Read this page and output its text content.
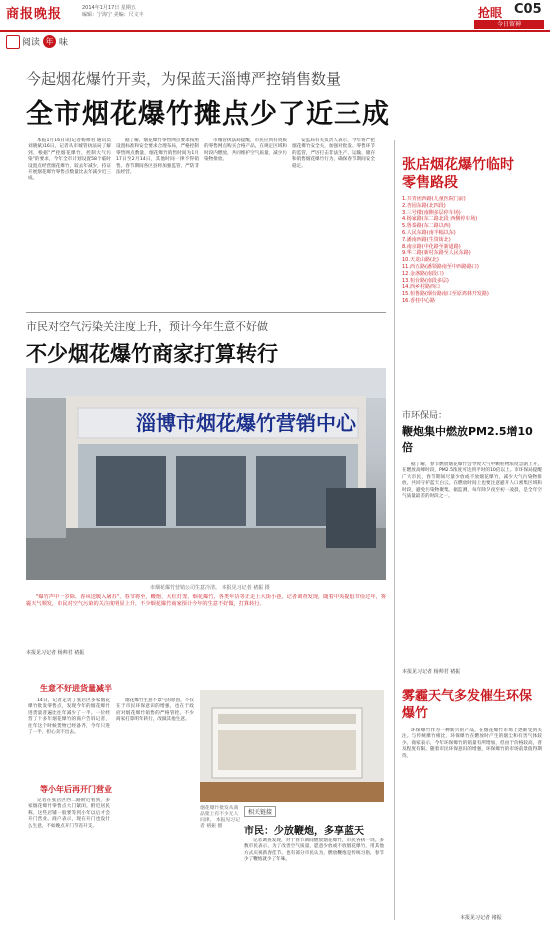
商报晚报	2014年1月17日 星期五
编辑：宁海宁 美编：尺文丰	抢眼 C05
今日留神
阅读 年 味
今起烟花爆竹开卖，为保蓝天淄博严控销售数量
全市烟花爆竹摊点少了近三成

本报1月16日讯(记者杨帅君 通讯员刘晓斌)16日，记者从市城管执法局了解到，根据"严控烟花爆竹，控制大气污染"的要求，今年全市计划设置58个临时设置点经营烟花爆竹，较去年减少，持证开展烟花爆竹零售点数量比去年减少近三成。

据了解，烟花爆竹零售网点要求按照设置标准和安全要求合理布局，严格控制零售网点数量，烟花爆竹销售时间为1月17日至2月14日，其他时间一律不得销售。春节期间各区县将加强监管，严防非法经营。

市城管执法局提醒，市民应到有资质的零售网点购买合格产品，在规定区域和时段内燃放，共同维护空气质量，减少污染物排放。

安监局有关负责人表示，今年将严把烟花爆竹安全关，加强对批发、零售环节的监管，严厉打击非法生产、运输、储存和销售烟花爆竹行为，确保春节期间安全稳定。

市民对空气污染关注度上升，预计今年生意不好做
不少烟花爆竹商家打算转行
淄博市烟花爆竹营销中心
市烟花爆竹营销公司生意冷清。 本报见习记者 褚振 摄

"爆竹声中一岁除，春风送暖入屠苏"，春节将至，鞭炮、大红灯笼、烟花爆竹，各类年货等正走上大街小巷。记者调查发现，随着中央提倡节俭过年，雾霾天气频发，市民对空气污染的关注度明显上升，不少烟花爆竹商家预计今年的生意不好做，打算转行。

本报见习记者 杨帅君 褚振
生意不好进货量减半

14日，记者走访了张店区多家烟花爆竹批发零售点，发现今年的烟花爆竹进货量普遍比往年减少了一半。一位经营了十多年烟花爆竹的商户告诉记者，往年这个时候货物已经备齐，今年只进了一半，担心卖不出去。

等小年后再开门营业

记者在张店区西二路附近看到，多家烟花爆竹零售点大门紧闭。附近居民称，这些店铺一般要等到小年以后才会开门营业。商户表示，现在开门也没什么生意，不如晚点开门节省开支。

烟花爆竹生意不景气的原因，不仅在于市民环保意识的增强，也在于政府对烟花爆竹销售的严格管控。不少商家打算明年转行，改做其他生意。

烟花爆竹批发从商品架上有不少无人问津。 本报见习记者 褚振 摄
相关链接
市民：少放鞭炮，多享蓝天

记者调查发现，对于春节期间燃放烟花爆竹，市民各执一词。多数市民表示，为了改善空气质量，愿意少放或不放烟花爆竹，用其他方式庆祝新春佳节。也有部分市民认为，燃放鞭炮是传统习俗，春节少了鞭炮就少了年味。

张店烟花爆竹临时零售路段
1.共青团西路(儿童医院门前)
2.杏园东路(北四段)
3.三号楼(南侧多层停车场)
4.杨家路(东二路北段 西侧停车场)
5.鲁泰路(东二路以西)
6.人民东路(南半幅以东)
7.潘南西路(生资街北)
8.南京路(中化路至新道路)
9.华二路(新村东路至人民东路)
10.天龙山路(北)
11.西五路(潘领路南至中西路路口)
12.金盏路(南段口)
13.桓台路(南段多层)
14.西乡村路西口
15.桓鲁路(烟台路南口至原鸡林开发路)
16.香桂中心路
市环保局：
鞭炮集中燃放PM2.5增10倍

据了解，春节燃放烟花爆竹会导致大气中颗粒物浓度急剧上升，在燃放高峰时段，PM2.5浓度可达到平时的10倍以上。市环保局提醒广大市民，春节期间尽量少放或不放烟花爆竹，减少大气污染物排放，共同守护蓝天白云。在燃放时间上也要注意避开人口密集区域和时段，避免污染物聚集。据监测，每年除夕夜至初一凌晨，是全年空气质量最差的时段之一。

本报见习记者 杨帅君 褚振
雾霾天气多发催生环保爆竹

环保爆竹作为一种新兴的产品，在烟花爆竹市场上逐渐受到关注。与传统爆竹相比，环保爆竹在燃放时产生的烟尘和有害气体较少。商家表示，今年环保爆竹的销量有所增加，但由于价格较高，普及程度有限。随着市民环保意识的增强，环保爆竹的市场前景值得期待。

本报见习记者 褚振
